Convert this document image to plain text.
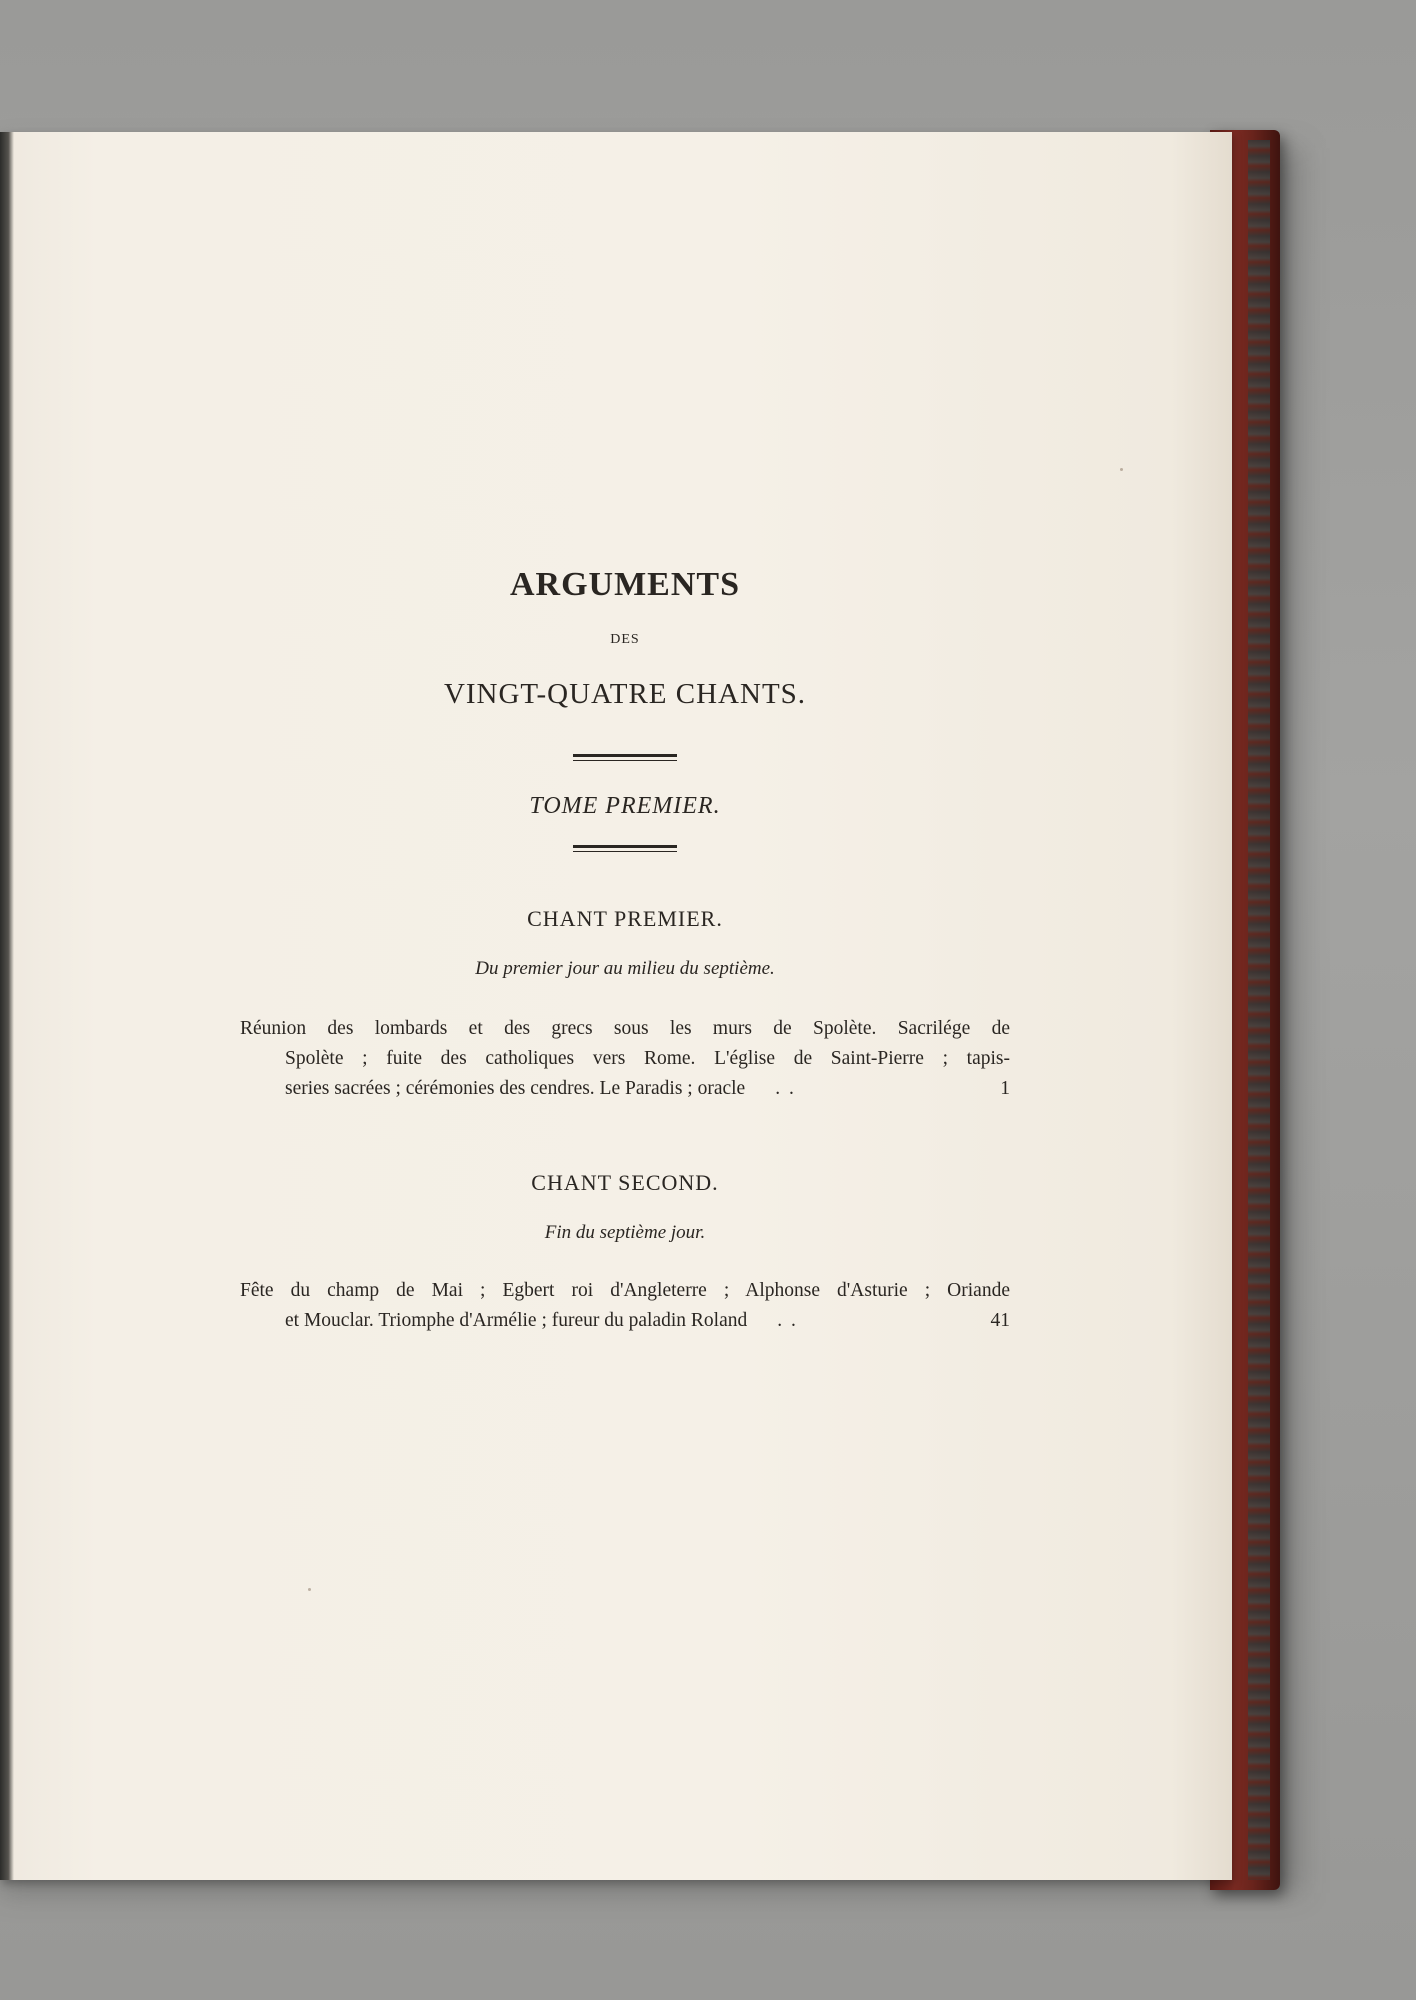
ARGUMENTS
DES
VINGT-QUATRE CHANTS.
TOME PREMIER.
CHANT PREMIER.
Du premier jour au milieu du septième.
Réunion des lombards et des grecs sous les murs de Spolète. Sacrilége de
Spolète ; fuite des catholiques vers Rome. L'église de Saint-Pierre ; tapis-
series sacrées ; cérémonies des cendres. Le Paradis ; oracle . .	1
CHANT SECOND.
Fin du septième jour.
Fête du champ de Mai ; Egbert roi d'Angleterre ; Alphonse d'Asturie ; Oriande
et Mouclar. Triomphe d'Armélie ; fureur du paladin Roland . .	41
